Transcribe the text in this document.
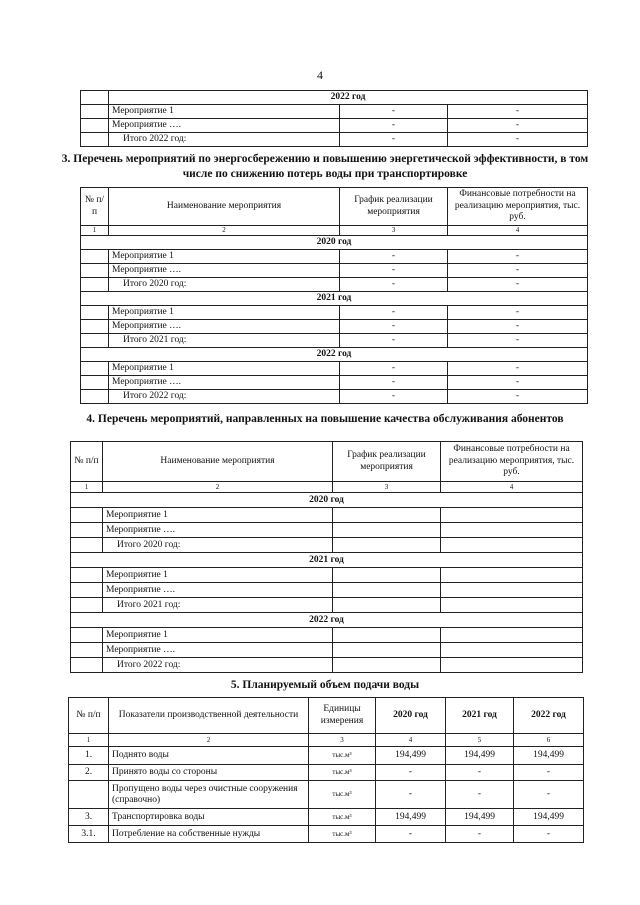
4
	2022 год		
	Мероприятие 1	-	-
	Мероприятие ….	-	-
	Итого 2022 год:	-	-
3. Перечень мероприятий по энергосбережению и повышению энергетической эффективности, в том числе по снижению потерь воды при транспортировке
№ п/п	Наименование мероприятия	График реализации мероприятия	Финансовые потребности на реализацию мероприятия, тыс. руб.
1	2	3	4
2020 год			
	Мероприятие 1	-	-
	Мероприятие ….	-	-
	Итого 2020 год:	-	-
2021 год			
	Мероприятие 1	-	-
	Мероприятие ….	-	-
	Итого 2021 год:	-	-
2022 год			
	Мероприятие 1	-	-
	Мероприятие ….	-	-
	Итого 2022 год:	-	-
4. Перечень мероприятий, направленных на повышение качества обслуживания абонентов
№ п/п	Наименование мероприятия	График реализации мероприятия	Финансовые потребности на реализацию мероприятия, тыс. руб.
1	2	3	4
2020 год			
	Мероприятие 1		
	Мероприятие ….		
	Итого 2020 год:		
2021 год			
	Мероприятие 1		
	Мероприятие ….		
	Итого 2021 год:		
2022 год			
	Мероприятие 1		
	Мероприятие ….		
	Итого 2022 год:		
5. Планируемый объем подачи воды
№ п/п	Показатели производственной деятельности	Единицы измерения	2020 год	2021 год	2022 год
1	2	3	4	5	6
1.	Поднято воды	тыс.м³	194,499	194,499	194,499
2.	Принято воды со стороны	тыс.м³	-	-	-
	Пропущено воды через очистные сооружения (справочно)	тыс.м³	-	-	-
3.	Транспортировка воды	тыс.м³	194,499	194,499	194,499
3.1.	Потребление на собственные нужды	тыс.м³	-	-	-
